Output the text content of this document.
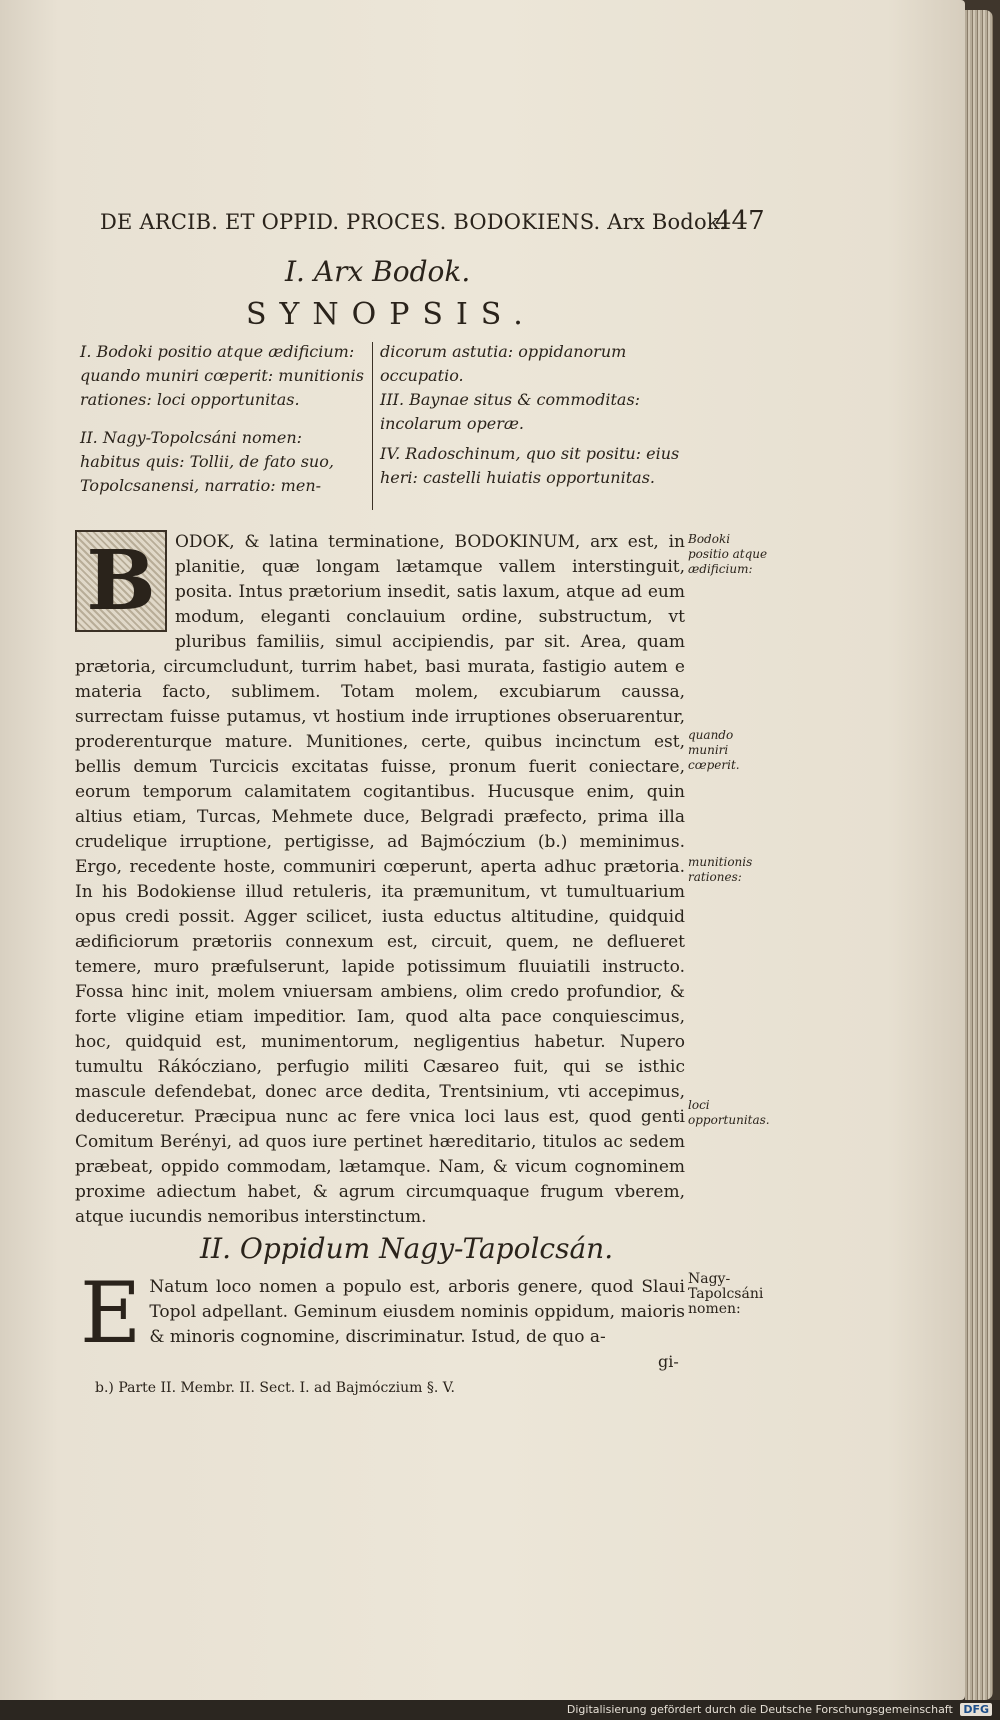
DE ARCIB. ET OPPID. PROCES. BODOKIENS. Arx Bodok.
447
I. Arx Bodok.
SYNOPSIS.
I. Bodoki positio atque ædificium: quando muniri cœperit: munitionis rationes: loci opportunitas.
II. Nagy-Topolcsáni nomen: habitus quis: Tollii, de fato suo, Topolcsanensi, narratio: men-
dicorum astutia: oppidanorum occupatio.
III. Baynae situs & commoditas: incolarum operæ.
IV. Radoschinum, quo sit positu: eius heri: castelli huiatis opportunitas.
B	ODOK, & latina terminatione, BODOKINUM, arx est, in planitie, quæ longam lætamque vallem interstinguit, posita. Intus prætorium insedit, satis laxum, atque ad eum modum, eleganti conclauium ordine, substructum, vt pluribus familiis, simul accipiendis, par sit. Area, quam prætoria, circumcludunt, turrim habet, basi murata, fastigio autem e materia facto, sublimem. Totam molem, excubiarum caussa, surrectam fuisse putamus, vt hostium inde irruptiones obseruarentur, proderenturque mature. Munitiones, certe, quibus incinctum est, bellis demum Turcicis excitatas fuisse, pronum fuerit coniectare, eorum temporum calamitatem cogitantibus. Hucusque enim, quin altius etiam, Turcas, Mehmete duce, Belgradi præfecto, prima illa crudelique irruptione, pertigisse, ad Bajmóczium (b.) meminimus. Ergo, recedente hoste, communiri cœperunt, aperta adhuc prætoria. In his Bodokiense illud retuleris, ita præmunitum, vt tumultuarium opus credi possit. Agger scilicet, iusta eductus altitudine, quidquid ædificiorum prætoriis connexum est, circuit, quem, ne deflueret temere, muro præfulserunt, lapide potissimum fluuiatili instructo. Fossa hinc init, molem vniuersam ambiens, olim credo profundior, & forte vligine etiam impeditior. Iam, quod alta pace conquiescimus, hoc, quidquid est, munimentorum, negligentius habetur. Nupero tumultu Rákócziano, perfugio militi Cæsareo fuit, qui se isthic mascule defendebat, donec arce dedita, Trentsinium, vti accepimus, deduceretur. Præcipua nunc ac fere vnica loci laus est, quod genti Comitum Berényi, ad quos iure pertinet hæreditario, titulos ac sedem præbeat, oppido commodam, lætamque. Nam, & vicum cognominem proxime adiectum habet, & agrum circumquaque frugum vberem, atque iucundis nemoribus interstinctum.
Bodoki positio atque ædificium:
quando muniri cœperit.
munitionis rationes:
loci opportunitas.
Nagy-Tapolcsáni nomen:
II. Oppidum Nagy-Tapolcsán.
E Natum loco nomen a populo est, arboris genere, quod Slaui Topol adpellant. Geminum eiusdem nominis oppidum, maioris & minoris cognomine, discriminatur. Istud, de quo a-
gi-
b.) Parte II. Membr. II. Sect. I. ad Bajmóczium §. V.
Digitalisierung gefördert durch die Deutsche Forschungsgemeinschaft DFG
